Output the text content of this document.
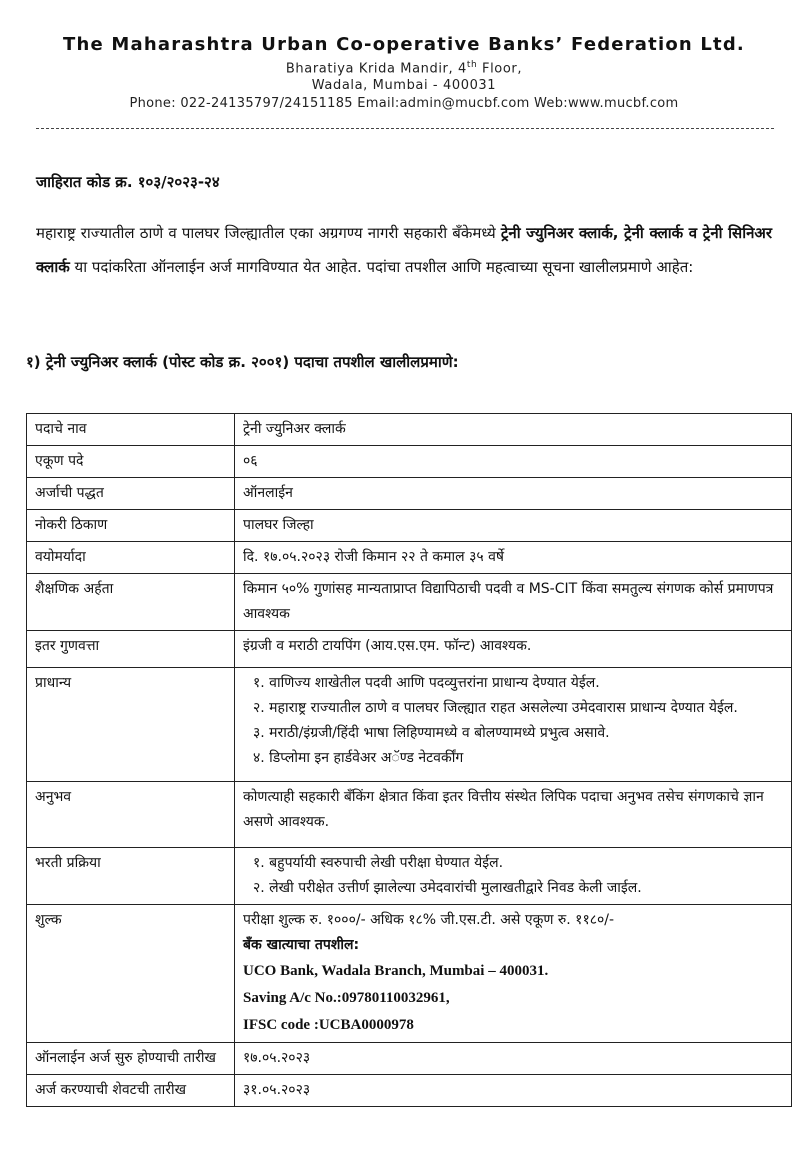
The Maharashtra Urban Co-operative Banks’ Federation Ltd.
Bharatiya Krida Mandir, 4th Floor,
Wadala, Mumbai - 400031
Phone: 022-24135797/24151185 Email:admin@mucbf.com Web:www.mucbf.com
जाहिरात कोड क्र. १०३/२०२३-२४
महाराष्ट्र राज्यातील ठाणे व पालघर जिल्ह्यातील एका अग्रगण्य नागरी सहकारी बँकेमध्ये ट्रेनी ज्युनिअर क्लार्क, ट्रेनी क्लार्क व ट्रेनी सिनिअर क्लार्क या पदांकरिता ऑनलाईन अर्ज मागविण्यात येत आहेत. पदांचा तपशील आणि महत्वाच्या सूचना खालीलप्रमाणे आहेत:
१) ट्रेनी ज्युनिअर क्लार्क (पोस्ट कोड क्र. २००१) पदाचा तपशील खालीलप्रमाणे:
पदाचे नाव	ट्रेनी ज्युनिअर क्लार्क
एकूण पदे	०६
अर्जाची पद्धत	ऑनलाईन
नोकरी ठिकाण	पालघर जिल्हा
वयोमर्यादा	दि. १७.०५.२०२३ रोजी किमान २२ ते कमाल ३५ वर्षे
शैक्षणिक अर्हता	किमान ५०% गुणांसह मान्यताप्राप्त विद्यापिठाची पदवी व MS-CIT किंवा समतुल्य संगणक कोर्स प्रमाणपत्र आवश्यक
इतर गुणवत्ता	इंग्रजी व मराठी टायपिंग (आय.एस.एम. फॉन्ट) आवश्यक.
प्राधान्य	१. वाणिज्य शाखेतील पदवी आणि पदव्युत्तरांना प्राधान्य देण्यात येईल.
२. महाराष्ट्र राज्यातील ठाणे व पालघर जिल्ह्यात राहत असलेल्या उमेदवारास प्राधान्य देण्यात येईल.
३. मराठी/इंग्रजी/हिंदी भाषा लिहिण्यामध्ये व बोलण्यामध्ये प्रभुत्व असावे.
४. डिप्लोमा इन हार्डवेअर अॅण्ड नेटवर्कींग

अनुभव	कोणत्याही सहकारी बँकिंग क्षेत्रात किंवा इतर वित्तीय संस्थेत लिपिक पदाचा अनुभव तसेच संगणकाचे ज्ञान असणे आवश्यक.
भरती प्रक्रिया	१. बहुपर्यायी स्वरुपाची लेखी परीक्षा घेण्यात येईल.
२. लेखी परीक्षेत उत्तीर्ण झालेल्या उमेदवारांची मुलाखतीद्वारे निवड केली जाईल.

शुल्क	परीक्षा शुल्क रु. १०००/- अधिक १८% जी.एस.टी. असे एकूण रु. ११८०/-
बँक खात्याचा तपशील:
UCO Bank, Wadala Branch, Mumbai – 400031.
Saving A/c No.:09780110032961,
IFSC code :UCBA0000978

ऑनलाईन अर्ज सुरु होण्याची तारीख	१७.०५.२०२३
अर्ज करण्याची शेवटची तारीख	३१.०५.२०२३
